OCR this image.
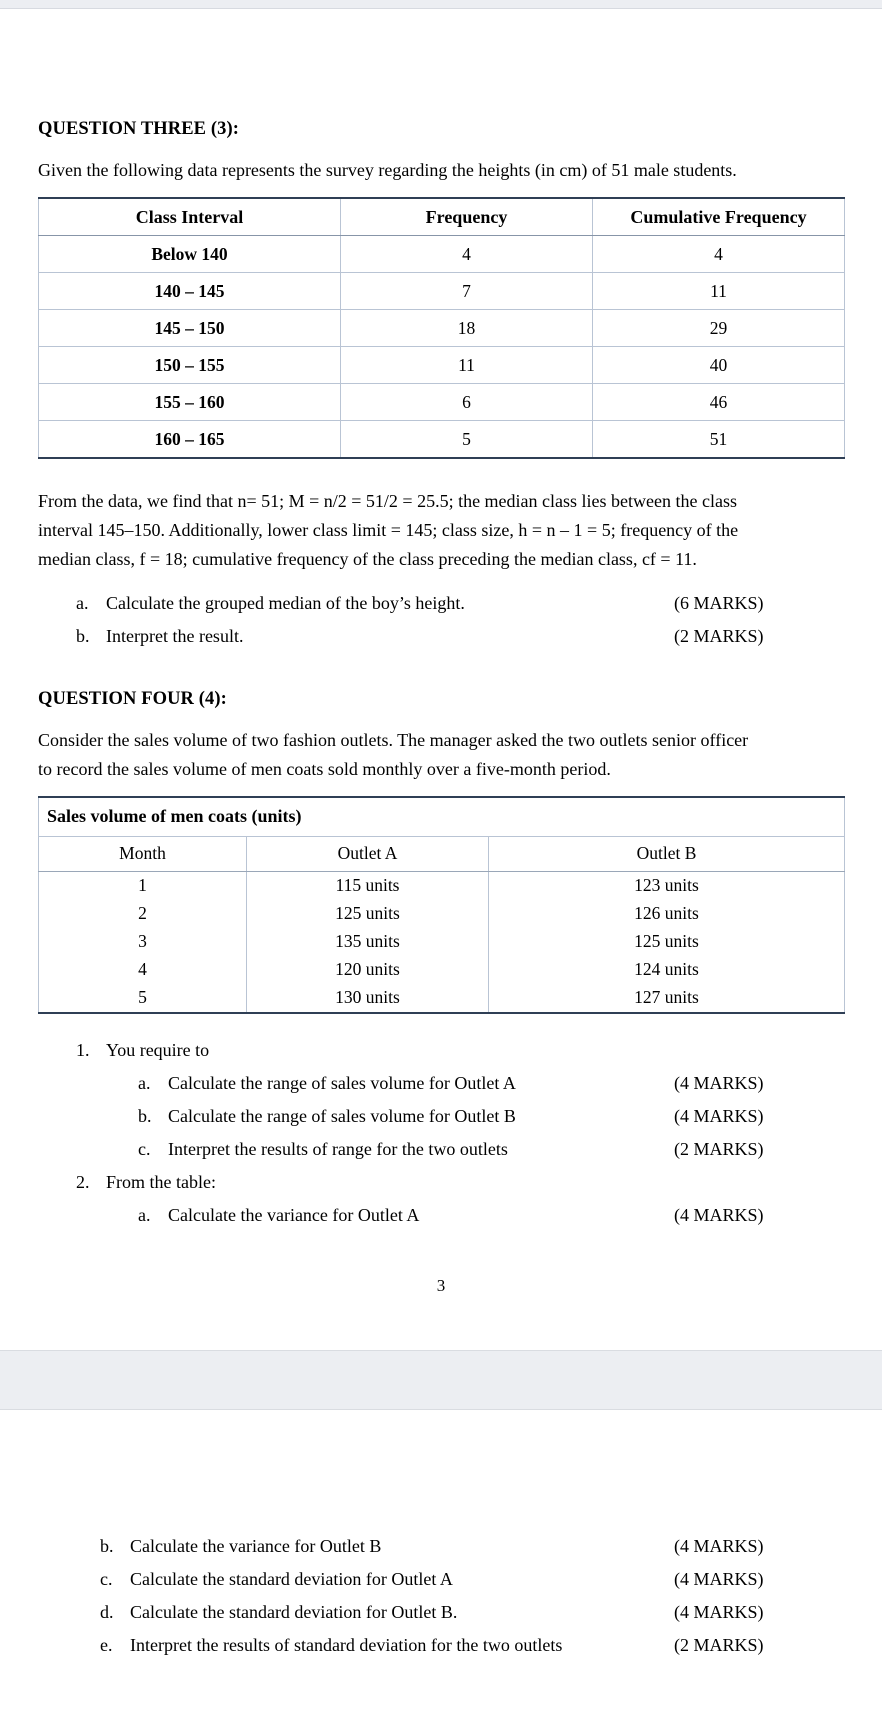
QUESTION THREE (3):

Given the following data represents the survey regarding the heights (in cm) of 51 male students.

Class Interval	Frequency	Cumulative Frequency
Below 140	4	4
140 – 145	7	11
145 – 150	18	29
150 – 155	11	40
155 – 160	6	46
160 – 165	5	51

From the data, we find that n= 51; M = n/2 = 51/2 = 25.5; the median class lies between the class

interval 145–150. Additionally, lower class limit = 145; class size, h = n – 1 = 5; frequency of the

median class, f = 18; cumulative frequency of the class preceding the median class, cf = 11.

a. Calculate the grouped median of the boy’s height.	(6 MARKS)
b. Interpret the result.	(2 MARKS)
QUESTION FOUR (4):

Consider the sales volume of two fashion outlets. The manager asked the two outlets senior officer

to record the sales volume of men coats sold monthly over a five-month period.

Sales volume of men coats (units)		
Month	Outlet A	Outlet B
1	115 units	123 units
2	125 units	126 units
3	135 units	125 units
4	120 units	124 units
5	130 units	127 units
1. You require to
a. Calculate the range of sales volume for Outlet A	(4 MARKS)
b. Calculate the range of sales volume for Outlet B	(4 MARKS)
c. Interpret the results of range for the two outlets	(2 MARKS)
2. From the table:
a. Calculate the variance for Outlet A	(4 MARKS)
3
b. Calculate the variance for Outlet B	(4 MARKS)
c. Calculate the standard deviation for Outlet A	(4 MARKS)
d. Calculate the standard deviation for Outlet B.	(4 MARKS)
e. Interpret the results of standard deviation for the two outlets	(2 MARKS)
